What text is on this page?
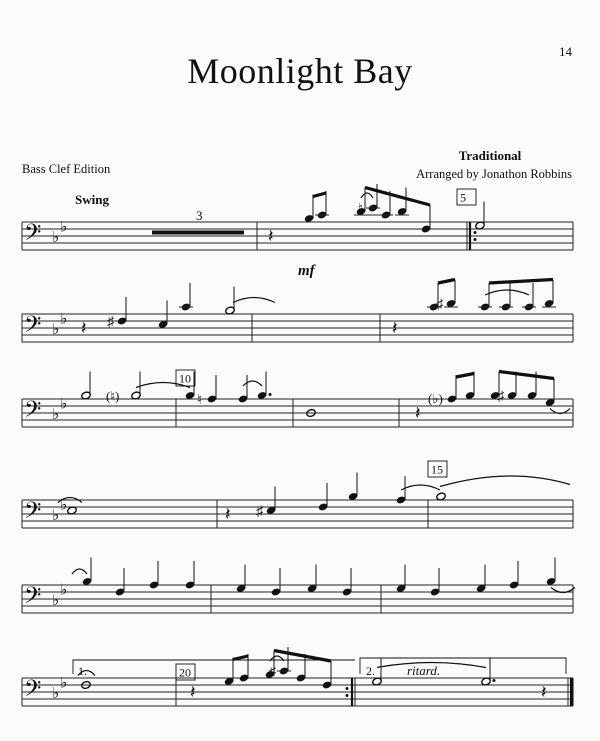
14
Moonlight Bay
Bass Clef Edition
Traditional
Arranged by Jonathon Robbins
Swing
𝄢 ♭
♭
𝄢 ♭
♭
𝄢 ♭
♭
𝄢 ♭
♭
𝄢 ♭
♭
𝄢 ♭
♭
3
𝄽
♮
mf
5
𝄽 ♯	𝄽
♯
(♮)	♮
𝄽
(♭)	♯
10
𝄽 ♯
15
1.	2. ritard.
𝄽
♯
𝄽
20
